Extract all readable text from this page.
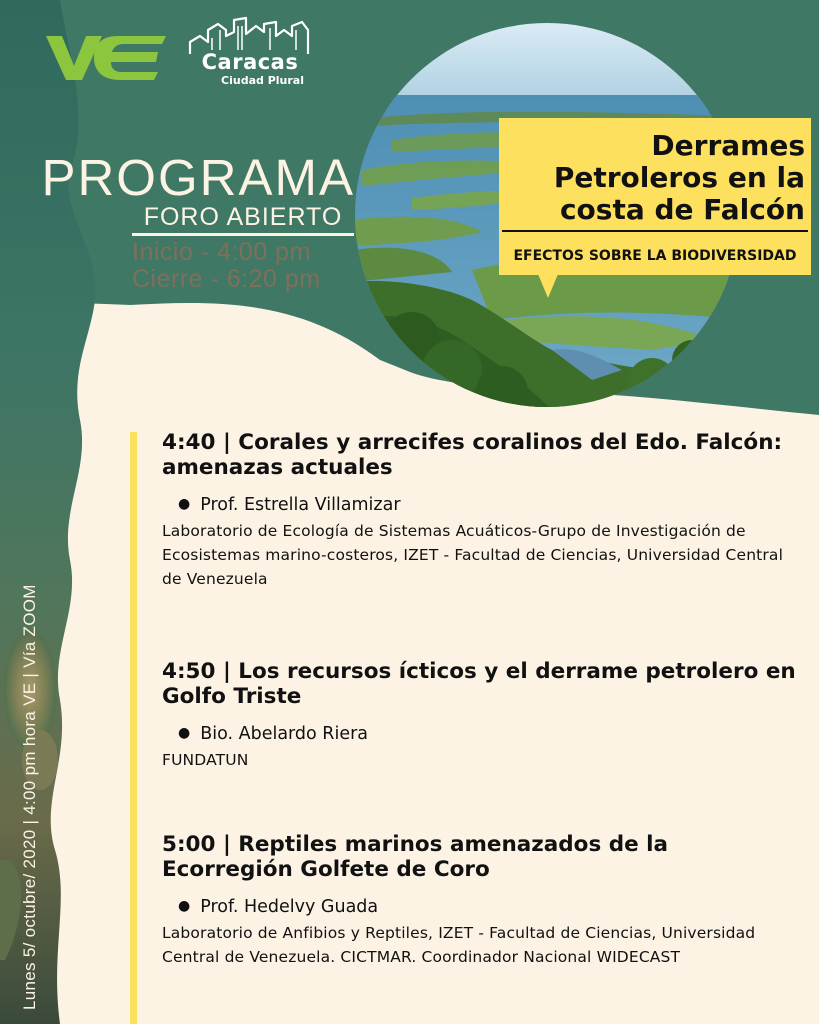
Caracas
Ciudad Plural
PROGRAMA
FORO ABIERTO
Inicio - 4:00 pm
Cierre - 6:20 pm
Derrames Petroleros en la costa de Falcón
EFECTOS SOBRE LA BIODIVERSIDAD
Lunes 5/ octubre/ 2020 | 4:00 pm hora VE | Vía ZOOM
4:40 | Corales y arrecifes coralinos del Edo. Falcón: amenazas actuales
● Prof. Estrella Villamizar
Laboratorio de Ecología de Sistemas Acuáticos-Grupo de Investigación de Ecosistemas marino-costeros, IZET - Facultad de Ciencias, Universidad Central de Venezuela
4:50 | Los recursos ícticos y el derrame petrolero en Golfo Triste
● Bio. Abelardo Riera
FUNDATUN
5:00 | Reptiles marinos amenazados de la Ecorregión Golfete de Coro
● Prof. Hedelvy Guada
Laboratorio de Anfibios y Reptiles, IZET - Facultad de Ciencias, Universidad Central de Venezuela. CICTMAR. Coordinador Nacional WIDECAST
